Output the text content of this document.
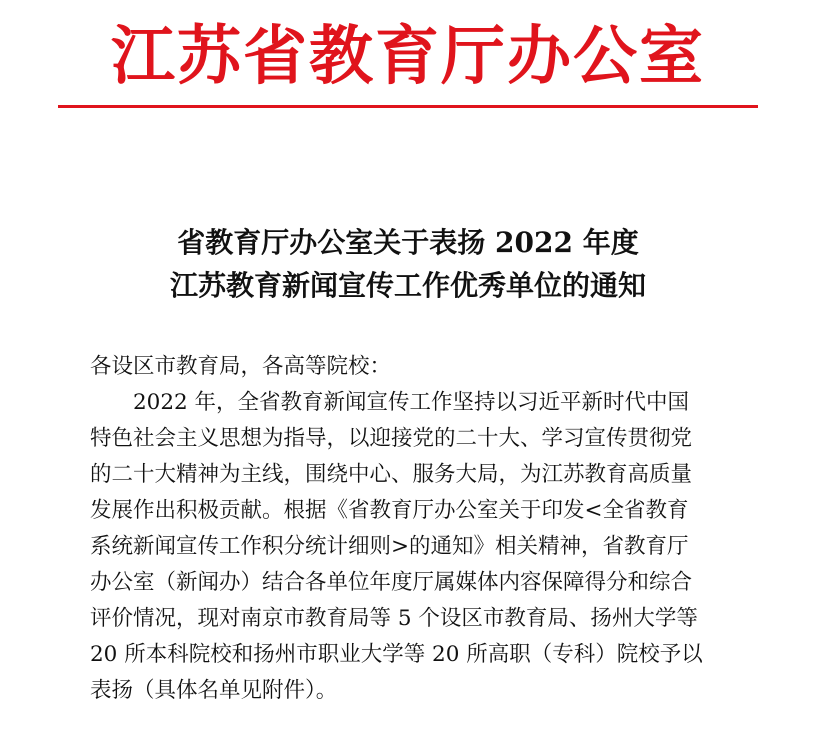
江苏省教育厅办公室
省教育厅办公室关于表扬 2022 年度
江苏教育新闻宣传工作优秀单位的通知
各设区市教育局，各高等院校：
　　2022 年，全省教育新闻宣传工作坚持以习近平新时代中国
特色社会主义思想为指导，以迎接党的二十大、学习宣传贯彻党
的二十大精神为主线，围绕中心、服务大局，为江苏教育高质量
发展作出积极贡献。根据《省教育厅办公室关于印发<全省教育
系统新闻宣传工作积分统计细则>的通知》相关精神，省教育厅
办公室（新闻办）结合各单位年度厅属媒体内容保障得分和综合
评价情况，现对南京市教育局等 5 个设区市教育局、扬州大学等
20 所本科院校和扬州市职业大学等 20 所高职（专科）院校予以
表扬（具体名单见附件）。
